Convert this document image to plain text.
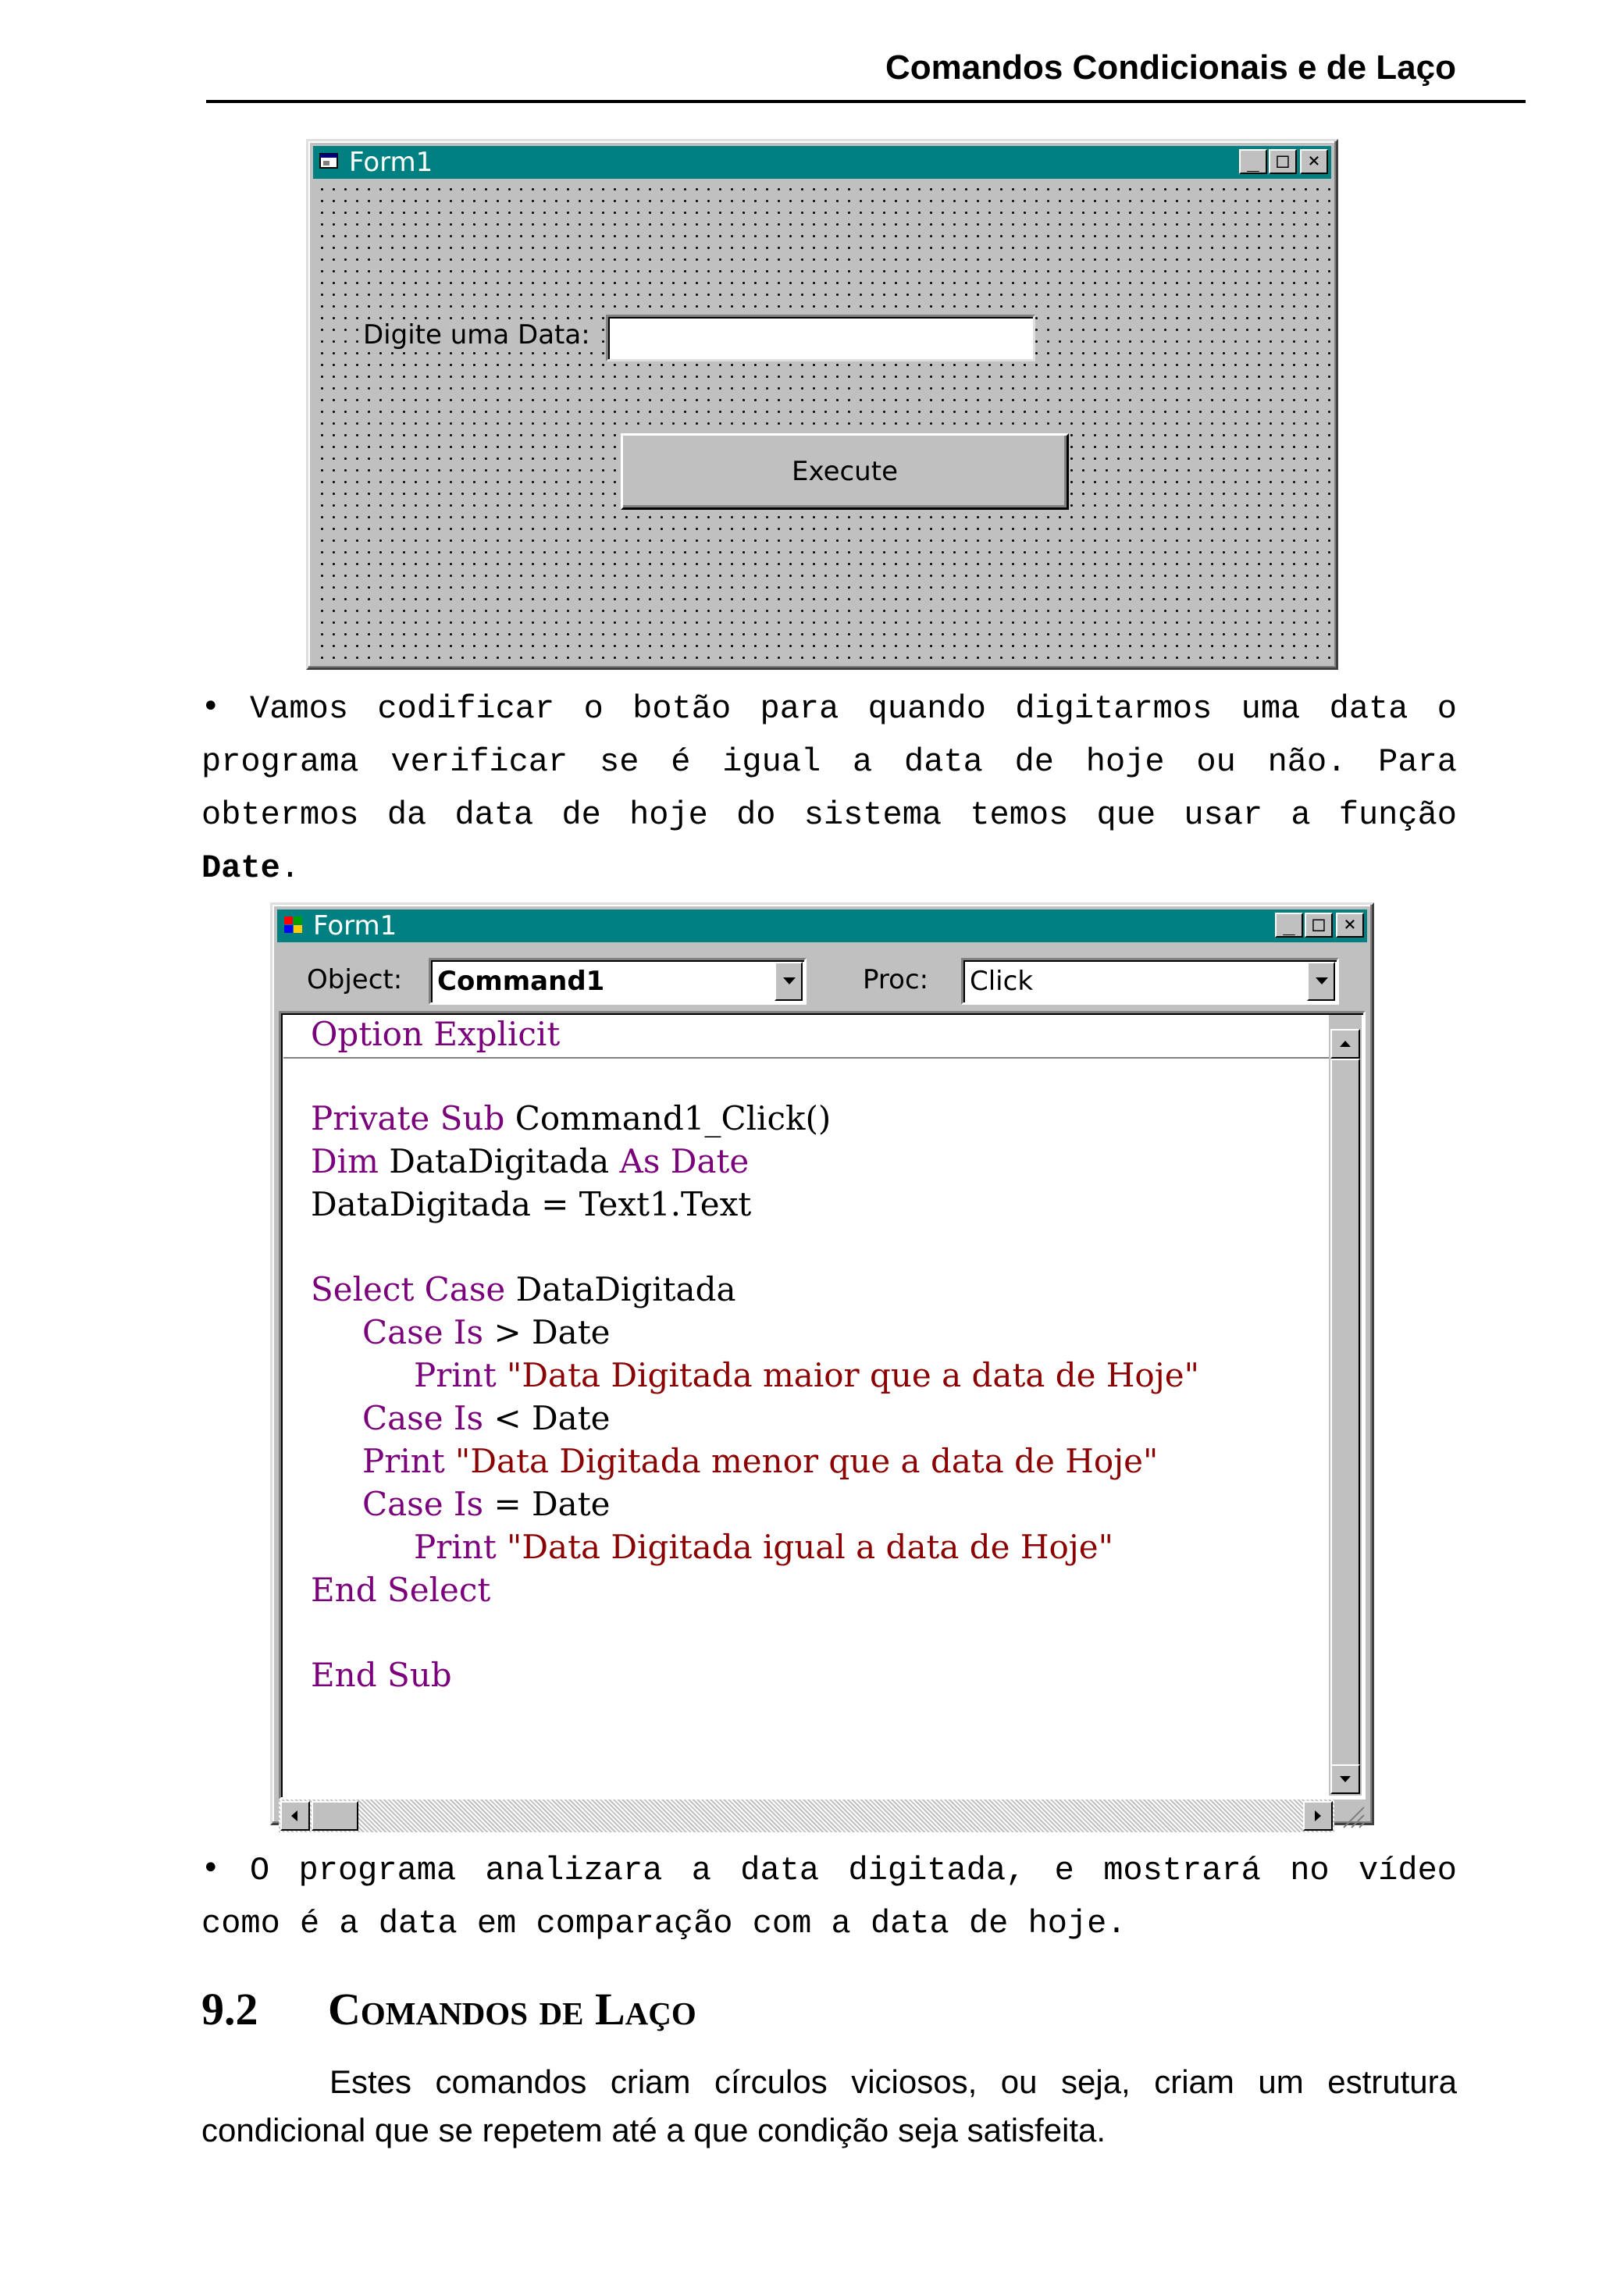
Comandos Condicionais e de Laço
Form1	_ □ ×
Digite uma Data:
Execute
• Vamos codificar o botão para quando digitarmos uma data o programa verificar se é igual a data de hoje ou não. Para obtermos da data de hoje do sistema temos que usar a função Date.
Form1	_ □ ×
Object: Command1	Proc: Click
Option Explicit
Private Sub Command1_Click()
Dim DataDigitada As Date
DataDigitada = Text1.Text
Select Case DataDigitada
Case Is > Date
Print "Data Digitada maior que a data de Hoje"
Case Is < Date
Print "Data Digitada menor que a data de Hoje"
Case Is = Date
Print "Data Digitada igual a data de Hoje"
End Select
End Sub
• O programa analizara a data digitada, e mostrará no vídeo como é a data em comparação com a data de hoje.
9.2 Comandos de Laço
Estes comandos criam círculos viciosos, ou seja, criam um estrutura condicional que se repetem até a que condição seja satisfeita.
